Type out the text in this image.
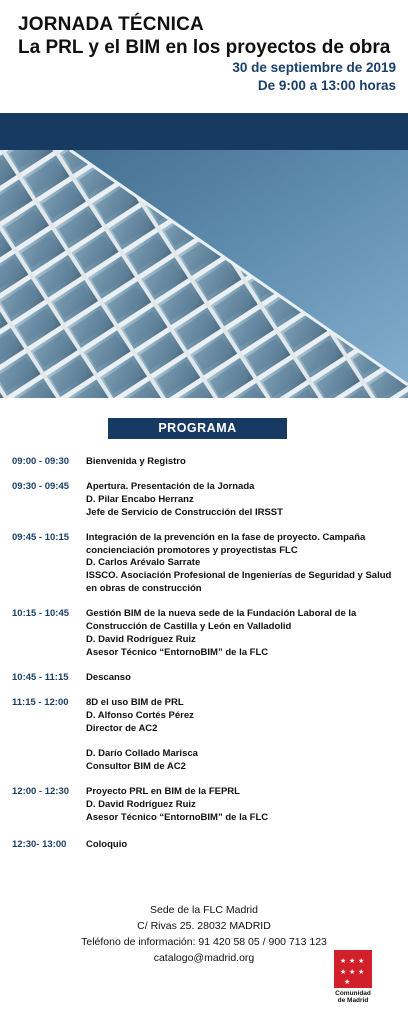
JORNADA TÉCNICA
La PRL y el BIM en los proyectos de obra
30 de septiembre de 2019
De 9:00 a 13:00 horas
PROGRAMA
09:00 - 09:30	Bienvenida y Registro
09:30 - 09:45	Apertura. Presentación de la Jornada
D. Pilar Encabo Herranz
Jefe de Servicio de Construcción del IRSST
09:45 - 10:15	Integración de la prevención en la fase de proyecto. Campaña concienciación promotores y proyectistas FLC
D. Carlos Arévalo Sarrate
ISSCO. Asociación Profesional de Ingenierías de Seguridad y Salud en obras de construcción
10:15 - 10:45	Gestión BIM de la nueva sede de la Fundación Laboral de la Construcción de Castilla y León en Valladolid
D. David Rodríguez Ruiz
Asesor Técnico “EntornoBIM” de la FLC
10:45 - 11:15	Descanso
11:15 - 12:00	8D el uso BIM de PRL
D. Alfonso Cortés Pérez
Director de AC2
D. Darío Collado Marisca
Consultor BIM de AC2
12:00 - 12:30	Proyecto PRL en BIM de la FEPRL
D. David Rodríguez Ruiz
Asesor Técnico “EntornoBIM” de la FLC
12:30- 13:00	Coloquio
Sede de la FLC Madrid
C/ Rivas 25. 28032 MADRID
Teléfono de información: 91 420 58 05 / 900 713 123
catalogo@madrid.org	★ ★ ★
★ ★ ★
★
Comunidad
de Madrid
